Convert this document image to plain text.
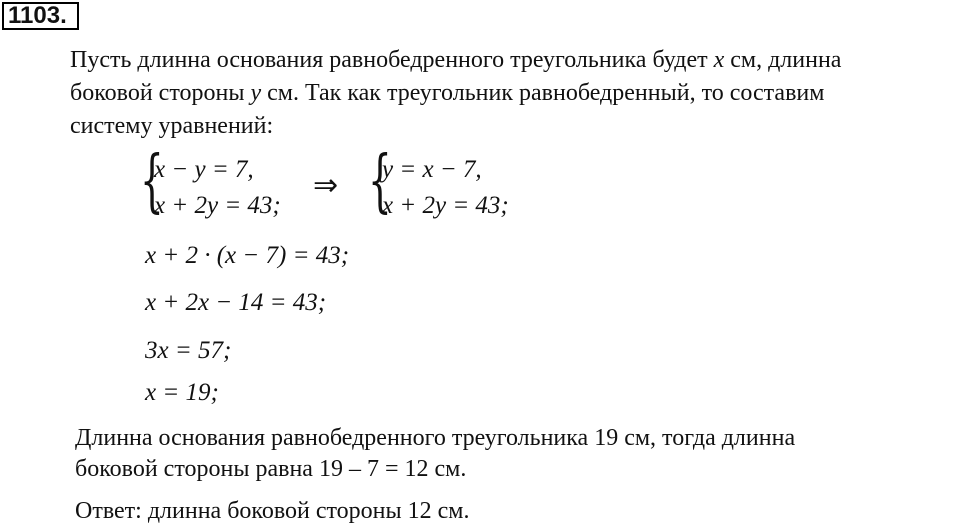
1103.
Пусть длинна основания равнобедренного треугольника будет x см, длинна
боковой стороны y см. Так как треугольник равнобедренный, то составим
системy уравнений:
{
x − y = 7,
x + 2y = 43;
⇒ {
y = x − 7,
x + 2y = 43;
x + 2 · (x − 7) = 43;
x + 2x − 14 = 43;
3x = 57;
x = 19;
Длинна основания равнобедренного треугольника 19 см, тогда длинна
боковой стороны равна 19 – 7 = 12 см.
Ответ: длинна боковой стороны 12 см.
